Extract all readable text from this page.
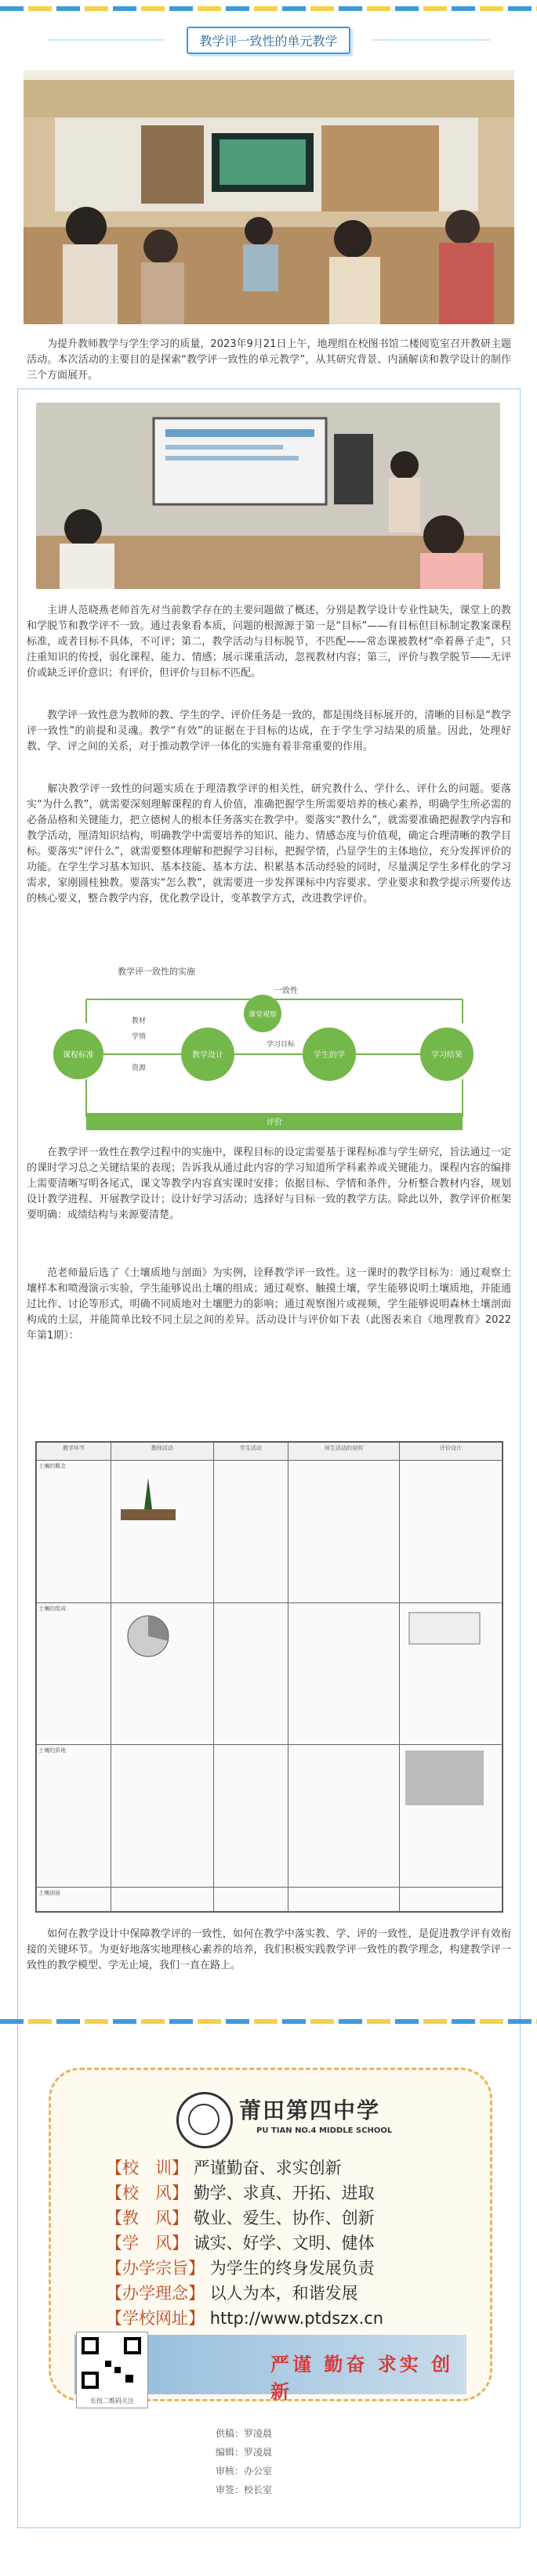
教学评一致性的单元教学

为提升教师教学与学生学习的质量，2023年9月21日上午，地理组在校图书馆二楼阅览室召开教研主题活动。本次活动的主要目的是探索“教学评一致性的单元教学”，从其研究背景、内涵解读和教学设计的制作三个方面展开。

主讲人范晓燕老师首先对当前教学存在的主要问题做了概述，分别是教学设计专业性缺失，课堂上的教和学脱节和教学评不一致。通过表象看本质，问题的根源源于第一是“目标”——有目标但目标制定教案课程标准，或者目标不具体，不可评；第二，教学活动与目标脱节，不匹配——常态课被教材“牵着鼻子走”，只注重知识的传授，弱化课程、能力、情感；展示课重活动，忽视教材内容；第三，评价与教学脱节——无评价或缺乏评价意识；有评价，但评价与目标不匹配。

教学评一致性意为教师的教、学生的学、评价任务是一致的，都是围绕目标展开的，清晰的目标是“教学评一致性”的前提和灵魂。教学“有效”的证据在于目标的达成，在于学生学习结果的质量。因此，处理好教、学、评之间的关系，对于推动教学评一体化的实施有着非常重要的作用。

解决教学评一致性的问题实质在于理清教学评的相关性，研究教什么、学什么、评什么的问题。要落实“为什么教”，就需要深刻理解课程的育人价值，准确把握学生所需要培养的核心素养，明确学生所必需的必备品格和关键能力，把立德树人的根本任务落实在教学中。要落实“教什么”，就需要准确把握教学内容和教学活动，厘清知识结构，明确教学中需要培养的知识、能力、情感态度与价值观，确定合理清晰的教学目标。要落实“评什么”，就需要整体理解和把握学习目标，把握学情，凸显学生的主体地位，充分发挥评价的功能。在学生学习基本知识、基本技能、基本方法、积累基本活动经验的同时，尽量满足学生多样化的学习需求，家刚圆桂独教。要落实“怎么教”，就需要进一步发挥课标中内容要求、学业要求和教学提示所要传达的核心要义，整合教学内容，优化教学设计，变革教学方式，改进教学评价。

教学评一致性的实施
一致性
课程标准
教材
学情
资源
教学设计
课堂观察
学生的学
学习目标
学习结果
评价

在教学评一致性在教学过程中的实施中，课程目标的设定需要基于课程标准与学生研究，旨法通过一定的课时学习总之关键结果的表现；告诉我从通过此内容的学习知道所学科素养或关键能力。课程内容的编排上需要清晰写明各尾式，课文等教学内容真实课时安排；依据目标、学情和条件，分析整合教材内容，规划设计教学进程、开展教学设计；设计好学习活动；选择好与目标一致的教学方法。除此以外，教学评价框架要明确：成绩结构与来源要清楚。

范老师最后选了《土壤质地与剖面》为实例，诠释教学评一致性。这一课时的教学目标为：通过观察土壤样本和喷漫演示实验，学生能够说出土壤的组成；通过观察、触摸土壤，学生能够说明土壤质地，并能通过比作、讨论等形式，明确不同质地对土壤肥力的影响；通过观察图片或视频，学生能够说明森林土壤剖面构成的土层，并能简单比较不同土层之间的差异。活动设计与评价如下表（此图表来自《地理教育》2022年第1期）：

教学环节	教师活动	学生活动	师生活动的说明	评价设计
土壤的概念				
土壤的组成				
土壤的质地				
土壤剖面				

如何在教学设计中保障教学评的一致性，如何在教学中落实教、学、评的一致性，是促进教学评有效衔接的关键环节。为更好地落实地理核心素养的培养，我们积极实践教学评一致性的教学理念，构建教学评一致性的教学模型、学无止境，我们一直在路上。

莆田第四中学
PU TIAN NO.4 MIDDLE SCHOOL
【校　训】 严谨勤奋、求实创新
【校　风】 勤学、求真、开拓、进取
【教　风】 敬业、爱生、协作、创新
【学　风】 诚实、好学、文明、健体
【办学宗旨】 为学生的终身发展负责
【办学理念】 以人为本，和谐发展
【学校网址】 http://www.ptdszx.cn
严谨 勤奋 求实 创新
长按二维码关注
供稿：罗凌晨
编辑：罗凌晨
审核：办公室
审签：校长室
